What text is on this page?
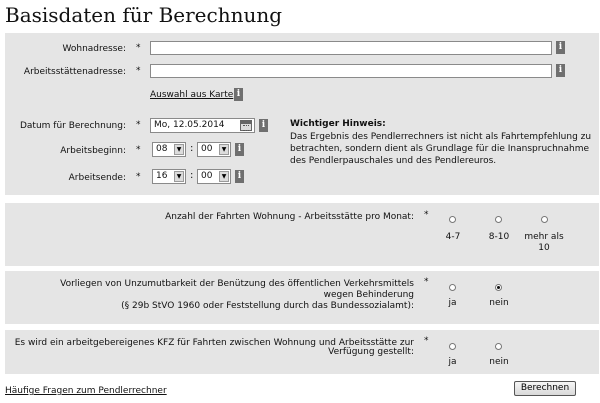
Basisdaten für Berechnung
Wohnadresse: *	i
Arbeitsstättenadresse: *	i
Auswahl aus Karte i
Datum für Berechnung: * Mo, 12.05.2014	i
Arbeitsbeginn: * 08	▼ : 00	▼	i
Arbeitsende: * 16	▼ : 00	▼	i
Wichtiger Hinweis:
Das Ergebnis des Pendlerrechners ist nicht als Fahrtempfehlung zu betrachten, sondern dient als Grundlage für die Inanspruchnahme des Pendlerpauschales und des Pendlereuros.
Anzahl der Fahrten Wohnung - Arbeitsstätte pro Monat: *
4-7	8-10	mehr als 10
Vorliegen von Unzumutbarkeit der Benützung des öffentlichen Verkehrsmittels wegen Behinderung
(§ 29b StVO 1960 oder Feststellung durch das Bundessozialamt):
*
ja	nein
Es wird ein arbeitgebereigenes KFZ für Fahrten zwischen Wohnung und Arbeitsstätte zur
Verfügung gestellt:
*
ja	nein
Häufige Fragen zum Pendlerrechner	Berechnen
